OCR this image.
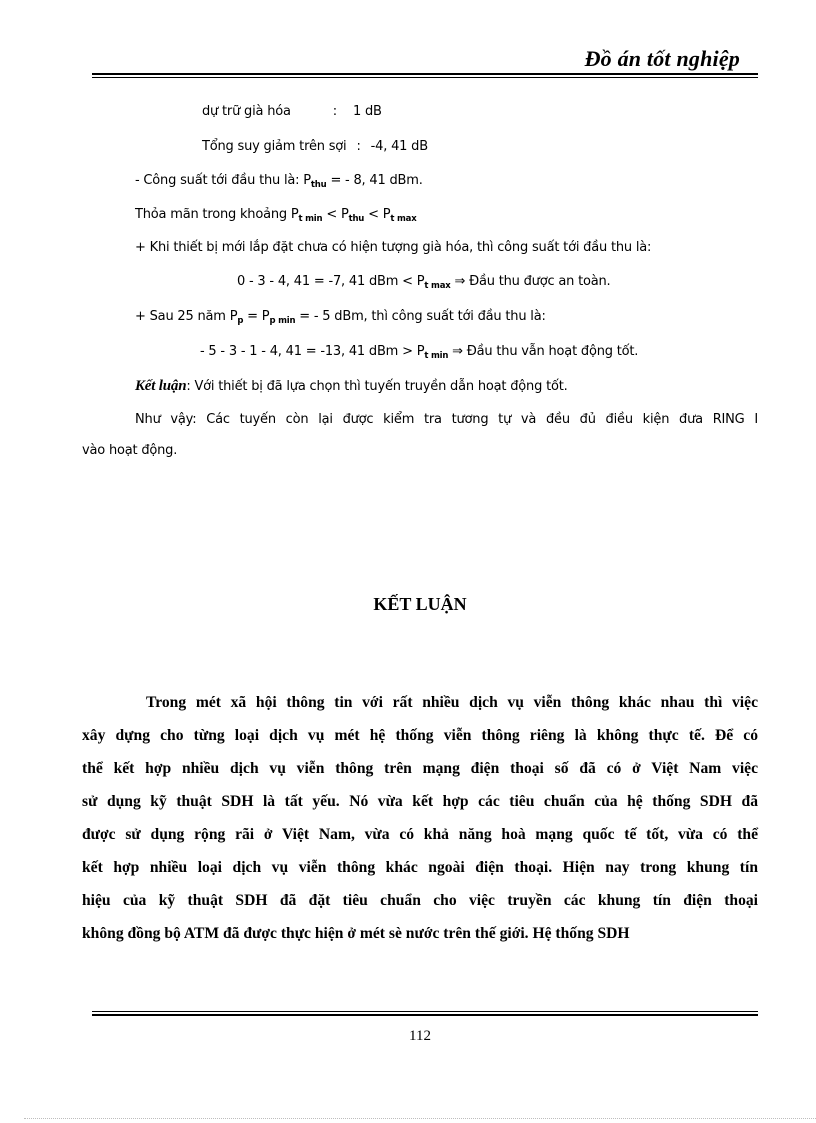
Đồ án tốt nghiệp
dự trữ già hóa	: 1 dB
Tổng suy giảm trên sợi : -4, 41 dB
- Công suất tới đầu thu là: $P_{thu}$ = - 8, 41 dBm.
Thỏa mãn trong khoảng $P_{t min} < P_{thu} < P_{t max}$
+ Khi thiết bị mới lắp đặt chưa có hiện tượng già hóa, thì công suất tới đầu thu là:
0 - 3 - 4, 41 = -7, 41 dBm < $P_{t max}$ ⇒ Đầu thu được an toàn.
+ Sau 25 năm $P_p = P_{p min}$ = - 5 dBm, thì công suất tới đầu thu là:
- 5 - 3 - 1 - 4, 41 = -13, 41 dBm > $P_{t min}$ ⇒ Đầu thu vẫn hoạt động tốt.
Kết luận: Với thiết bị đã lựa chọn thì tuyến truyền dẫn hoạt động tốt.
Như vậy: Các tuyến còn lại được kiểm tra tương tự và đều đủ điều kiện đưa RING I
vào hoạt động.
KẾT LUẬN
Trong mét xã hội thông tin với rất nhiều dịch vụ viễn thông khác nhau thì việc
xây dựng cho từng loại dịch vụ mét hệ thống viễn thông riêng là không thực tế. Để có
thể kết hợp nhiều dịch vụ viễn thông trên mạng điện thoại số đã có ở Việt Nam việc
sử dụng kỹ thuật SDH là tất yếu. Nó vừa kết hợp các tiêu chuẩn của hệ thống SDH đã
được sử dụng rộng rãi ở Việt Nam, vừa có khả năng hoà mạng quốc tế tốt, vừa có thể
kết hợp nhiều loại dịch vụ viễn thông khác ngoài điện thoại. Hiện nay trong khung tín
hiệu của kỹ thuật SDH đã đặt tiêu chuẩn cho việc truyền các khung tín điện thoại
không đồng bộ ATM đã được thực hiện ở mét sè nước trên thế giới. Hệ thống SDH
112
